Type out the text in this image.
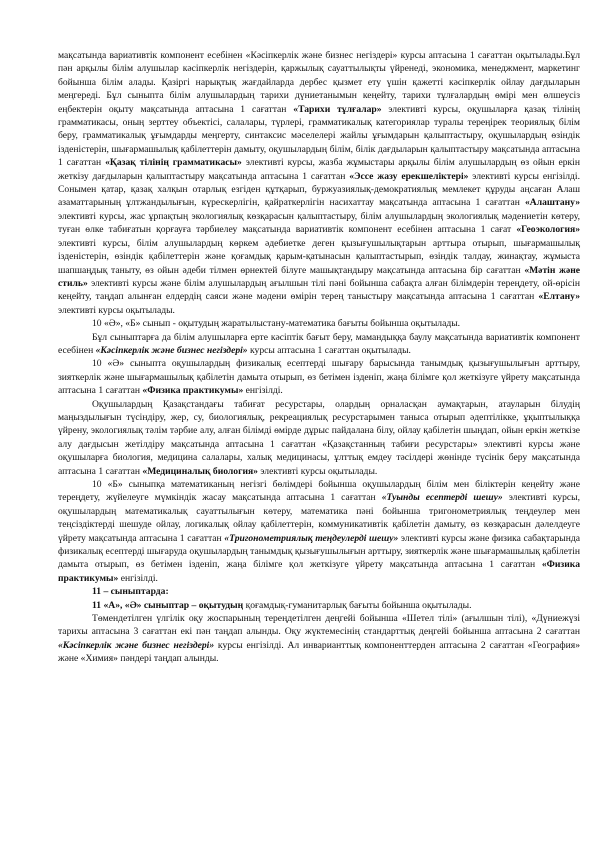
мақсатында вариативтік компонент есебінен «Кәсіпкерлік және бизнес негіздері» курсы аптасына 1 сағаттан оқытылады.Бұл пән арқылы білім алушылар кәсіпкерлік негіздерін, қаржылық сауаттылықты үйренеді, экономика, менеджмент, маркетинг бойынша білім алады. Қазіргі нарықтық жағдайларда дербес қызмет ету үшін қажетті кәсіпкерлік ойлау дағдыларын меңгереді. Бұл сыныпта білім алушылардың тарихи дүниетанымын кеңейту, тарихи тұлғалардың өмірі мен өлшеусіз еңбектерін оқыту мақсатында аптасына 1 сағаттан «Тарихи тұлғалар» элективті курсы, оқушыларға қазақ тілінің грамматикасы, оның зерттеу объектісі, салалары, түрлері, грамматикалық категориялар туралы тереңірек теориялық білім беру, грамматикалық ұғымдарды меңгерту, синтаксис мәселелері жайлы ұғымдарын қалыптастыру, оқушылардың өзіндік ізденістерін, шығармашылық қабілеттерін дамыту, оқушылардың білім, білік дағдыларын қалыптастыру мақсатында аптасына 1 сағаттан «Қазақ тілінің грамматикасы» элективті курсы, жазба жұмыстары арқылы білім алушылардың өз ойын еркін жеткізу дағдыларын қалыптастыру мақсатында аптасына 1 сағаттан «Эссе жазу ерекшеліктері» элективті курсы енгізілді. Сонымен қатар, қазақ халқын отарлық езгіден құтқарып, буржуазиялық-демократиялық мемлекет құруды аңсаған Алаш азаматтарының ұлтжандылығын, күрескерлігін, қайраткерлігін насихаттау мақсатында аптасына 1 сағаттан «Алаштану» элективті курсы, жас ұрпақтың экологиялық көзқарасын қалыптастыру, білім алушылардың экологиялық мәдениетін көтеру, туған өлке табиғатын қорғауға тәрбиелеу мақсатында вариативтік компонент есебінен аптасына 1 сағат «Геоэкология» элективті курсы, білім алушылардың көркем әдебиетке деген қызығушылықтарын арттыра отырып, шығармашылық ізденістерін, өзіндік қабілеттерін және қоғамдық қарым-қатынасын қалыптастырып, өзіндік талдау, жинақтау, жұмыста шапшаңдық таныту, өз ойын әдеби тілмен өрнектей білуге машықтандыру мақсатында аптасына бір сағаттан «Мәтін және стиль» элективті курсы және білім алушылардың ағылшын тілі пәні бойынша сабақта алған білімдерін тереңдету, ой-өрісін кеңейту, таңдап алынған елдердің саяси және мәдени өмірін терең таныстыру мақсатында аптасына 1 сағаттан «Елтану» элективті курсы оқытылады.

10 «Ә», «Б» сынып - оқытудың жаратылыстану-математика бағыты бойынша оқытылады.

Бұл сыныптарға да білім алушыларға ерте кәсіптік бағыт беру, мамандыққа баулу мақсатында вариативтік компонент есебінен «Кәсіпкерлік және бизнес негіздері» курсы аптасына 1 сағаттан оқытылады.

10 «Ә» сыныпта оқушылардың физикалық есептерді шығару барысында танымдық қызығушылығын арттыру, зияткерлік және шығармашылық қабілетін дамыта отырып, өз бетімен ізденіп, жаңа білімге қол жеткізуге үйрету мақсатында аптасына 1 сағаттан «Физика практикумы» енгізілді.

Оқушылардың Қазақстандағы табиғат ресурстары, олардың орналасқан аумақтарын, атауларын білудің маңыздылығын түсіндіру, жер, су, биологиялық, рекреациялық ресурстарымен таныса отырып әдептілікке, ұқыптылыққа үйрену, экологиялық тәлім тәрбие алу, алған білімді өмірде дұрыс пайдалана білу, ойлау қабілетін шыңдап, ойын еркін жеткізе алу дағдысын жетілдіру мақсатында аптасына 1 сағаттан «Қазақстанның табиғи ресурстары» элективті курсы және оқушыларға биология, медицина салалары, халық медицинасы, ұлттық емдеу тәсілдері жөнінде түсінік беру мақсатында аптасына 1 сағаттан «Медициналық биология» элективті курсы оқытылады.

10 «Б» сыныпқа математиканың негізгі бөлімдері бойынша оқушылардың білім мен біліктерін кеңейту және тереңдету, жүйелеуге мүмкіндік жасау мақсатында аптасына 1 сағаттан «Туынды есептерді шешу» элективті курсы, оқушылардың математикалық сауаттылығын көтеру, математика пәні бойынша тригонометриялық теңдеулер мен теңсіздіктерді шешуде ойлау, логикалық ойлау қабілеттерін, коммуникативтік қабілетін дамыту, өз көзқарасын дәлелдеуге үйрету мақсатында аптасына 1 сағаттан «Тригонометриялық теңдеулерді шешу» элективті курсы және физика сабақтарында физикалық есептерді шығаруда оқушылардың танымдық қызығушылығын арттыру, зияткерлік және шығармашылық қабілетін дамыта отырып, өз бетімен ізденіп, жаңа білімге қол жеткізуге үйрету мақсатында аптасына 1 сағаттан «Физика практикумы» енгізілді.

11 – сыныптарда:

11 «А», «Ә» сыныптар – оқытудың қоғамдық-гуманитарлық бағыты бойынша оқытылады.

Төмендетілген үлгілік оқу жоспарының тереңдетілген деңгейі бойынша «Шетел тілі» (ағылшын тілі), «Дүниежүзі тарихы аптасына 3 сағаттан екі пән таңдап алынды. Оқу жүктемесінің стандарттық деңгейі бойынша аптасына 2 сағаттан «Кәсіпкерлік және бизнес негіздері» курсы енгізілді. Ал инварианттық компоненттерден аптасына 2 сағаттан «География» және «Химия» пәндері таңдап алынды.
